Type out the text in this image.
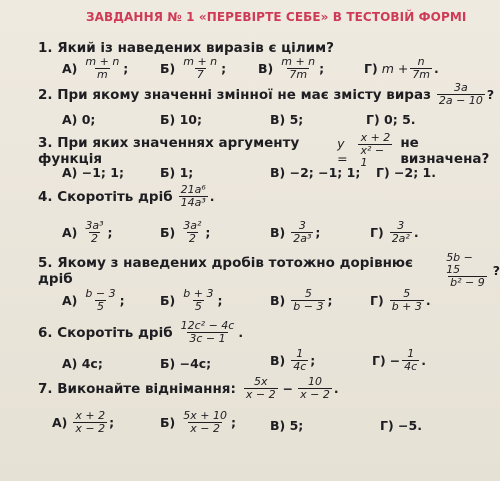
ЗАВДАННЯ № 1 «ПЕРЕВІРТЕ СЕБЕ» В ТЕСТОВІЙ ФОРМІ
1. Який із наведених виразів є цілим?
$А) \frac{m + n}{m}$ ;	$Б) \frac{m + n}{7}$ ;	$В) \frac{m + n}{7m}$ ;	Г) $m + \frac{n}{7m}$ .
2. При якому значенні змінної не має змісту вираз $\frac{3a}{2a - 10}$ ?
А) 0;	Б) 10;	В) 5;	Г) 0; 5.
3. При яких значеннях аргументу функція
$y = \frac{x + 2}{\text{x² − 1}}$ не визначена?
А) −1; 1;	Б) 1;	В) −2; −1; 1; Г) −2; 1.
4. Скоротіть дріб $\frac{\text{21a⁶}}{\text{14a³}}$ .
$А) \frac{\text{3a³}}{2}$ ;	$Б) \frac{\text{3a²}}{2}$ ;	$В) \frac{3}{\text{2a³}}$ ;	$Г) \frac{3}{\text{2a²}}$ .
5. Якому з наведених дробів тотожно дорівнює дріб	$\frac{5b - 15}{\text{b² − 9}}$ ?
$А) \frac{b - 3}{5}$ ;	$Б) \frac{b + 3}{5}$ ;	$В) \frac{5}{b - 3}$ ;	$Г) \frac{5}{b + 3}$ .
6. Скоротіть дріб $\frac{\text{12c² − 4c}}{3c - 1}$ .
А) 4c;	Б) −4c;	$В) \frac{1}{4c}$ ;	$Г) - \frac{1}{4c}$ .
7. Виконайте віднімання: $\frac{5x}{x - 2} - \frac{10}{x - 2}$ .
$А) \frac{x + 2}{x - 2}$ ;	$Б) \frac{5x + 10}{x - 2}$ ;	В) 5;	Г) −5.
